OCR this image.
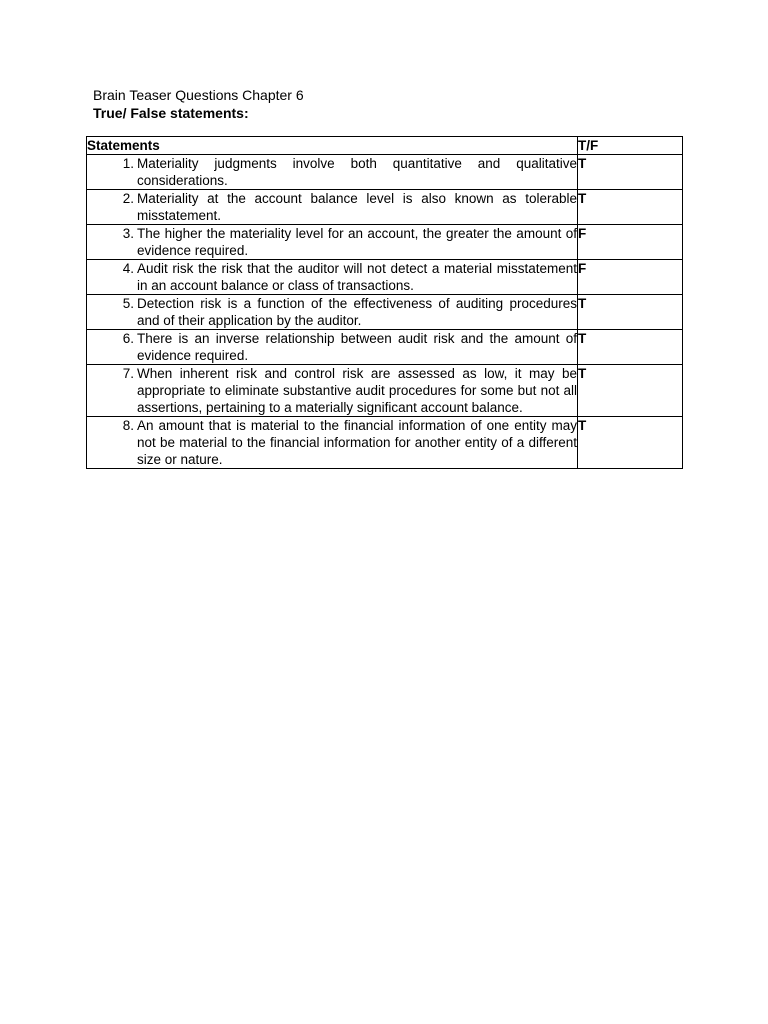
Brain Teaser Questions Chapter 6
True/ False statements:
Statements	T/F

1. Materiality judgments involve both quantitative and qualitative considerations.	T

2. Materiality at the account balance level is also known as tolerable misstatement.	T

3. The higher the materiality level for an account, the greater the amount of evidence required.	F

4. Audit risk the risk that the auditor will not detect a material misstatement in an account balance or class of transactions.	F

5. Detection risk is a function of the effectiveness of auditing procedures and of their application by the auditor.	T

6. There is an inverse relationship between audit risk and the amount of evidence required.	T

7. When inherent risk and control risk are assessed as low, it may be appropriate to eliminate substantive audit procedures for some but not all assertions, pertaining to a materially significant account balance.	T

8. An amount that is material to the financial information of one entity may not be material to the financial information for another entity of a different size or nature.	T
